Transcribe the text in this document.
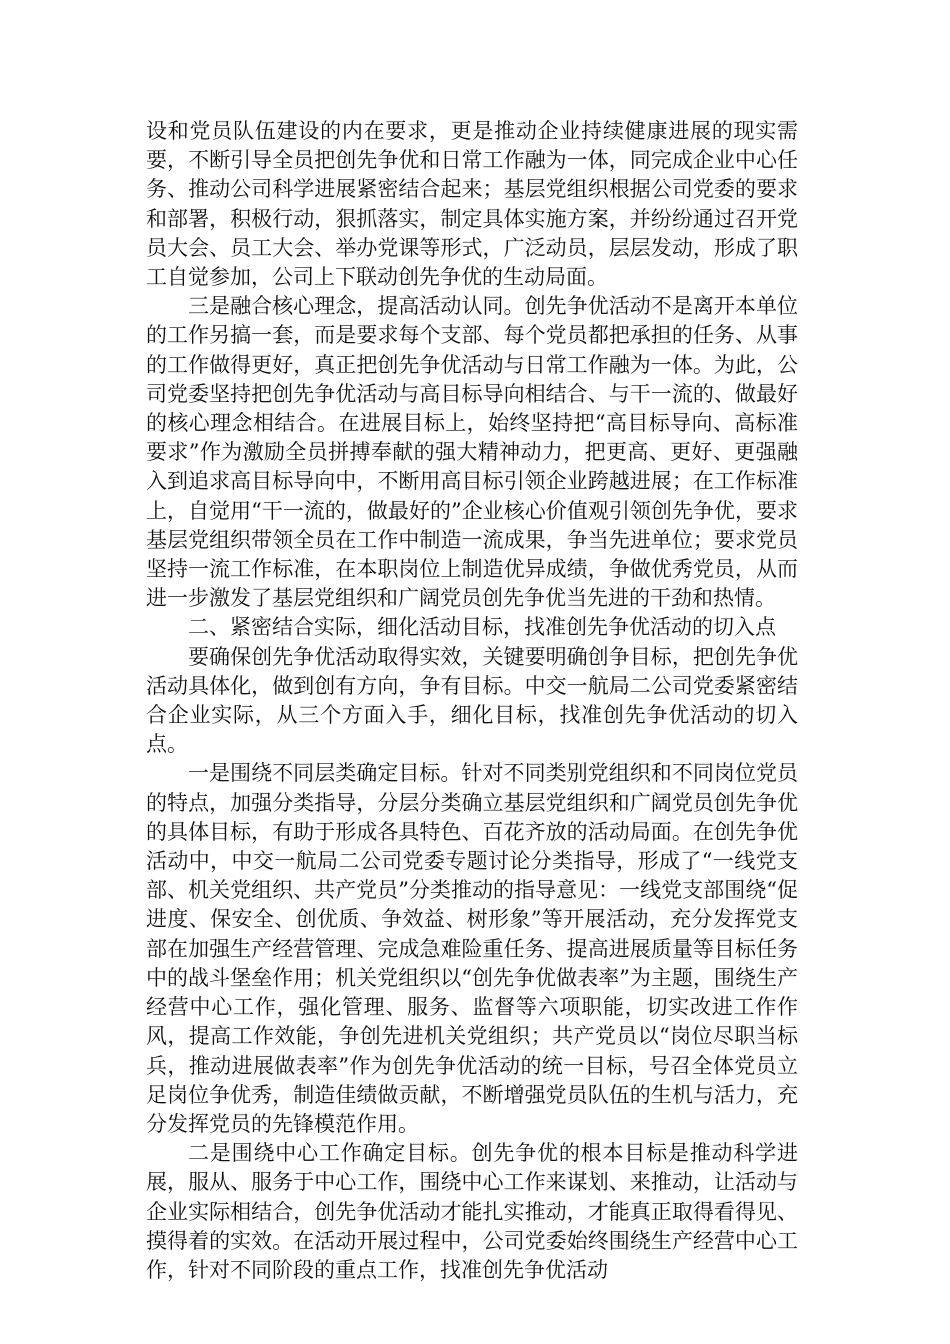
设和党员队伍建设的内在要求，更是推动企业持续健康进展的现实需要，不断引导全员把创先争优和日常工作融为一体，同完成企业中心任务、推动公司科学进展紧密结合起来；基层党组织根据公司党委的要求和部署，积极行动，狠抓落实，制定具体实施方案，并纷纷通过召开党员大会、员工大会、举办党课等形式，广泛动员，层层发动，形成了职工自觉参加，公司上下联动创先争优的生动局面。

三是融合核心理念，提高活动认同。创先争优活动不是离开本单位的工作另搞一套，而是要求每个支部、每个党员都把承担的任务、从事的工作做得更好，真正把创先争优活动与日常工作融为一体。为此，公司党委坚持把创先争优活动与高目标导向相结合、与干一流的、做最好的核心理念相结合。在进展目标上，始终坚持把“高目标导向、高标准要求”作为激励全员拼搏奉献的强大精神动力，把更高、更好、更强融入到追求高目标导向中，不断用高目标引领企业跨越进展；在工作标准上，自觉用“干一流的，做最好的”企业核心价值观引领创先争优，要求基层党组织带领全员在工作中制造一流成果，争当先进单位；要求党员坚持一流工作标准，在本职岗位上制造优异成绩，争做优秀党员，从而进一步激发了基层党组织和广阔党员创先争优当先进的干劲和热情。

二、紧密结合实际，细化活动目标，找准创先争优活动的切入点

要确保创先争优活动取得实效，关键要明确创争目标，把创先争优活动具体化，做到创有方向，争有目标。中交一航局二公司党委紧密结合企业实际，从三个方面入手，细化目标，找准创先争优活动的切入点。

一是围绕不同层类确定目标。针对不同类别党组织和不同岗位党员的特点，加强分类指导，分层分类确立基层党组织和广阔党员创先争优的具体目标，有助于形成各具特色、百花齐放的活动局面。在创先争优活动中，中交一航局二公司党委专题讨论分类指导，形成了“一线党支部、机关党组织、共产党员”分类推动的指导意见：一线党支部围绕“促进度、保安全、创优质、争效益、树形象”等开展活动，充分发挥党支部在加强生产经营管理、完成急难险重任务、提高进展质量等目标任务中的战斗堡垒作用；机关党组织以“创先争优做表率”为主题，围绕生产经营中心工作，强化管理、服务、监督等六项职能，切实改进工作作风，提高工作效能，争创先进机关党组织；共产党员以“岗位尽职当标兵，推动进展做表率”作为创先争优活动的统一目标，号召全体党员立足岗位争优秀，制造佳绩做贡献，不断增强党员队伍的生机与活力，充分发挥党员的先锋模范作用。

二是围绕中心工作确定目标。创先争优的根本目标是推动科学进展，服从、服务于中心工作，围绕中心工作来谋划、来推动，让活动与企业实际相结合，创先争优活动才能扎实推动，才能真正取得看得见、摸得着的实效。在活动开展过程中，公司党委始终围绕生产经营中心工作，针对不同阶段的重点工作，找准创先争优活动
